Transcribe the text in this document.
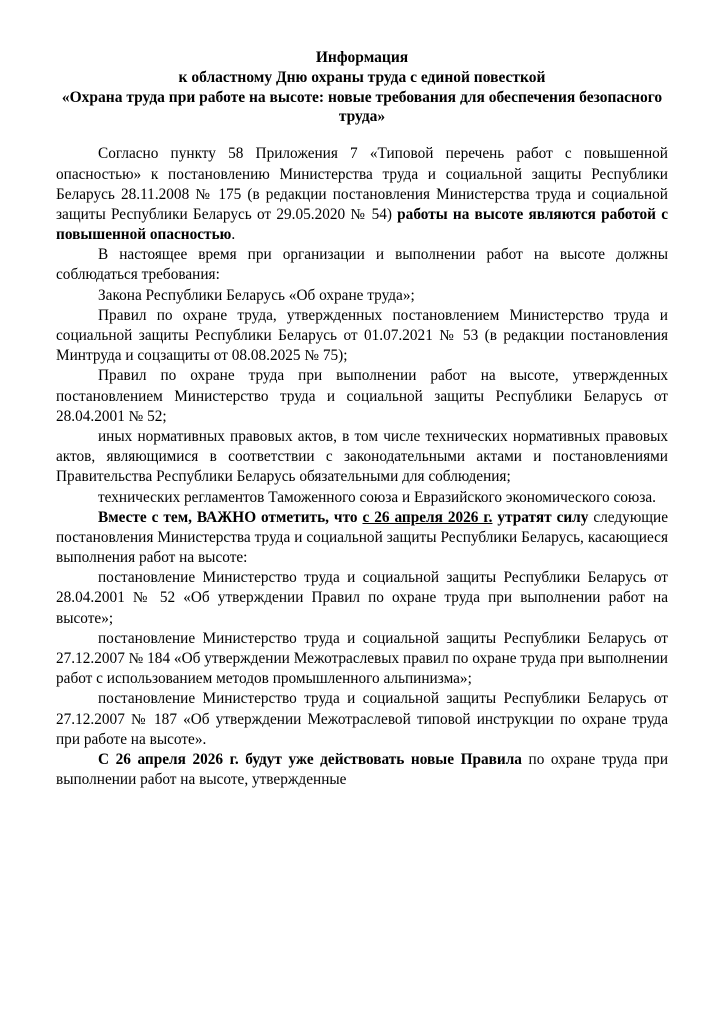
Информация
к областному Дню охраны труда с единой повесткой
«Охрана труда при работе на высоте: новые требования для обеспечения безопасного труда»

Согласно пункту 58 Приложения 7 «Типовой перечень работ с повышенной опасностью» к постановлению Министерства труда и социальной защиты Республики Беларусь 28.11.2008 № 175 (в редакции постановления Министерства труда и социальной защиты Республики Беларусь от 29.05.2020 № 54) работы на высоте являются работой с повышенной опасностью.

В настоящее время при организации и выполнении работ на высоте должны соблюдаться требования:

Закона Республики Беларусь «Об охране труда»;

Правил по охране труда, утвержденных постановлением Министерство труда и социальной защиты Республики Беларусь от 01.07.2021 № 53 (в редакции постановления Минтруда и соцзащиты от 08.08.2025 № 75);

Правил по охране труда при выполнении работ на высоте, утвержденных постановлением Министерство труда и социальной защиты Республики Беларусь от 28.04.2001 № 52;

иных нормативных правовых актов, в том числе технических нормативных правовых актов, являющимися в соответствии с законодательными актами и постановлениями Правительства Республики Беларусь обязательными для соблюдения;

технических регламентов Таможенного союза и Евразийского экономического союза.

Вместе с тем, ВАЖНО отметить, что с 26 апреля 2026 г. утратят силу следующие постановления Министерства труда и социальной защиты Республики Беларусь, касающиеся выполнения работ на высоте:

постановление Министерство труда и социальной защиты Республики Беларусь от 28.04.2001 № 52 «Об утверждении Правил по охране труда при выполнении работ на высоте»;

постановление Министерство труда и социальной защиты Республики Беларусь от 27.12.2007 № 184 «Об утверждении Межотраслевых правил по охране труда при выполнении работ с использованием методов промышленного альпинизма»;

постановление Министерство труда и социальной защиты Республики Беларусь от 27.12.2007 № 187 «Об утверждении Межотраслевой типовой инструкции по охране труда при работе на высоте».

С 26 апреля 2026 г. будут уже действовать новые Правила по охране труда при выполнении работ на высоте, утвержденные
